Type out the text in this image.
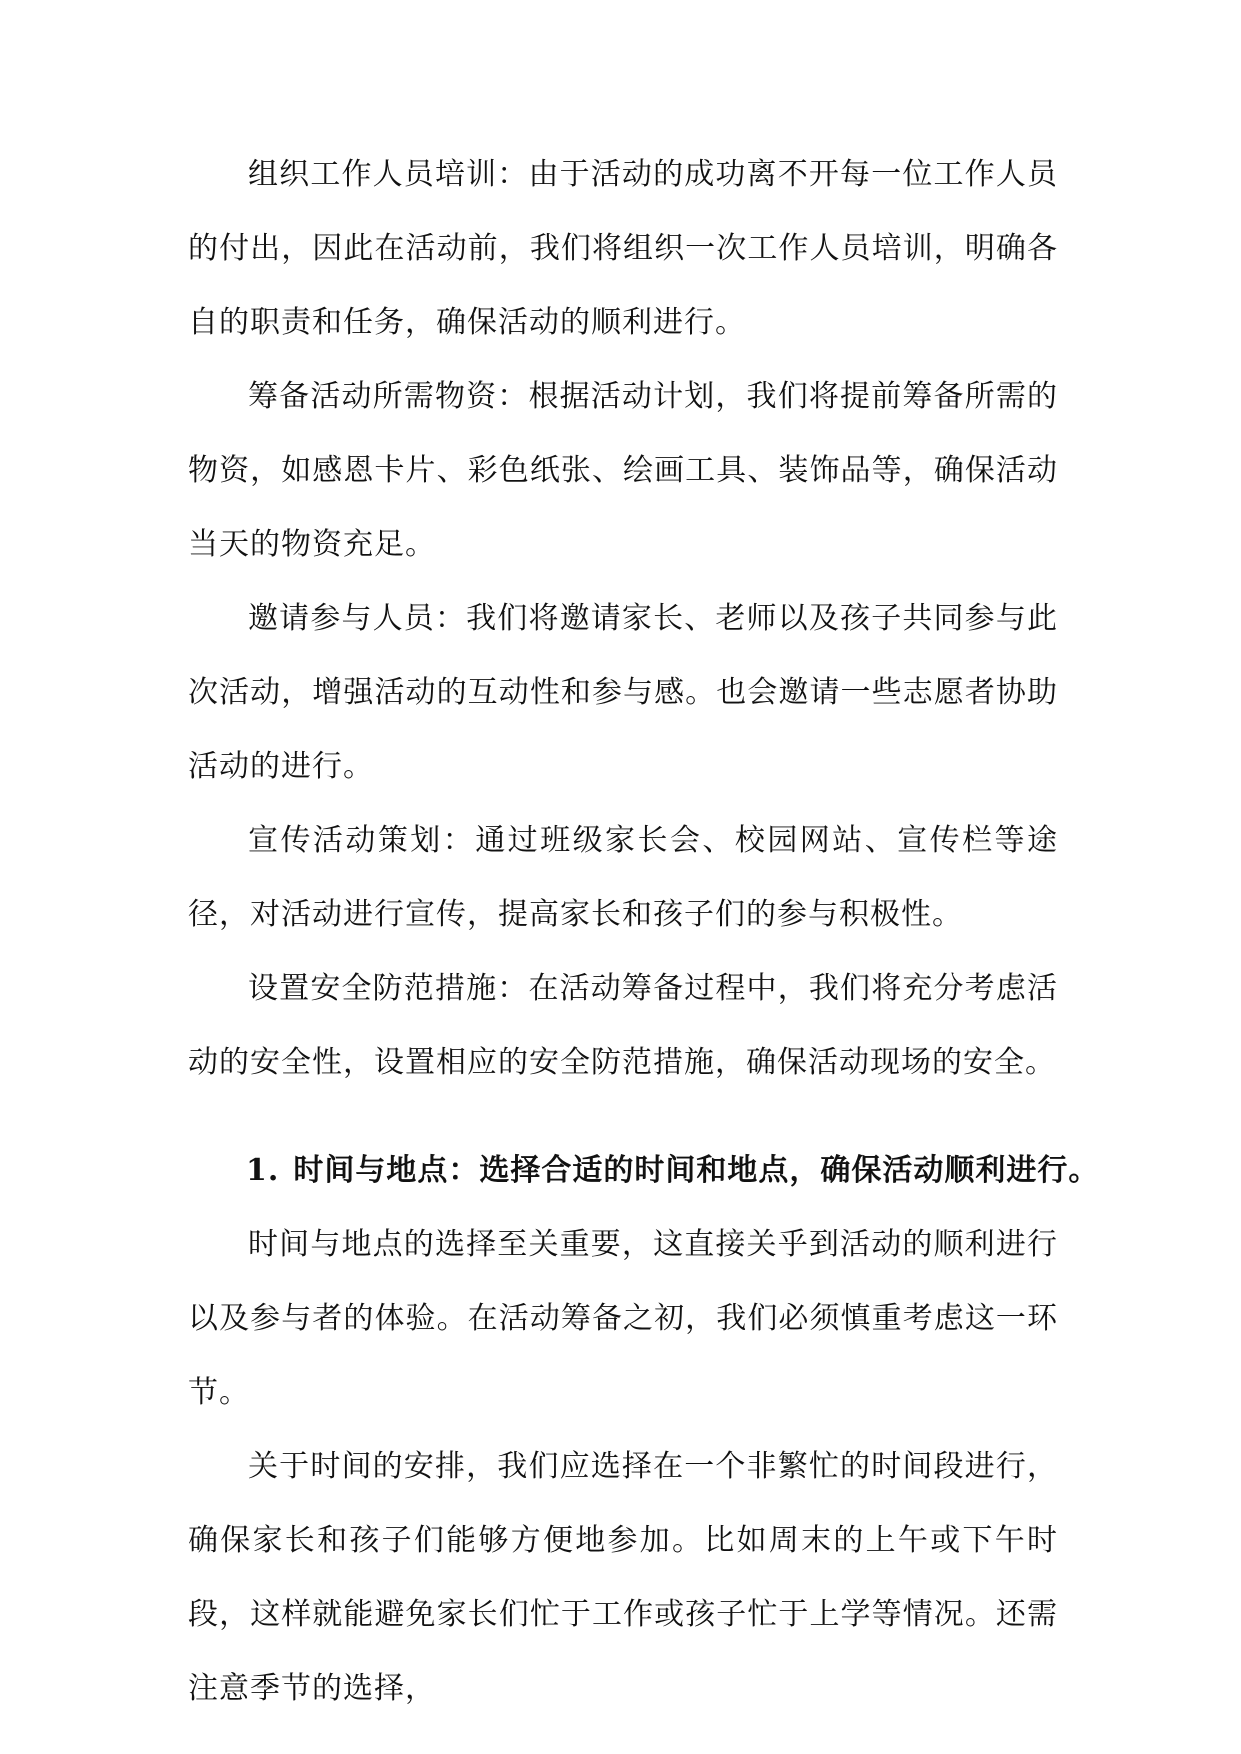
组织工作人员培训：由于活动的成功离不开每一位工作人员的付出，因此在活动前，我们将组织一次工作人员培训，明确各自的职责和任务，确保活动的顺利进行。

筹备活动所需物资：根据活动计划，我们将提前筹备所需的物资，如感恩卡片、彩色纸张、绘画工具、装饰品等，确保活动当天的物资充足。

邀请参与人员：我们将邀请家长、老师以及孩子共同参与此次活动，增强活动的互动性和参与感。也会邀请一些志愿者协助活动的进行。

宣传活动策划：通过班级家长会、校园网站、宣传栏等途径，对活动进行宣传，提高家长和孩子们的参与积极性。

设置安全防范措施：在活动筹备过程中，我们将充分考虑活动的安全性，设置相应的安全防范措施，确保活动现场的安全。

1. 时间与地点：选择合适的时间和地点，确保活动顺利进行。

时间与地点的选择至关重要，这直接关乎到活动的顺利进行以及参与者的体验。在活动筹备之初，我们必须慎重考虑这一环节。

关于时间的安排，我们应选择在一个非繁忙的时间段进行，确保家长和孩子们能够方便地参加。比如周末的上午或下午时段，这样就能避免家长们忙于工作或孩子忙于上学等情况。还需注意季节的选择，
